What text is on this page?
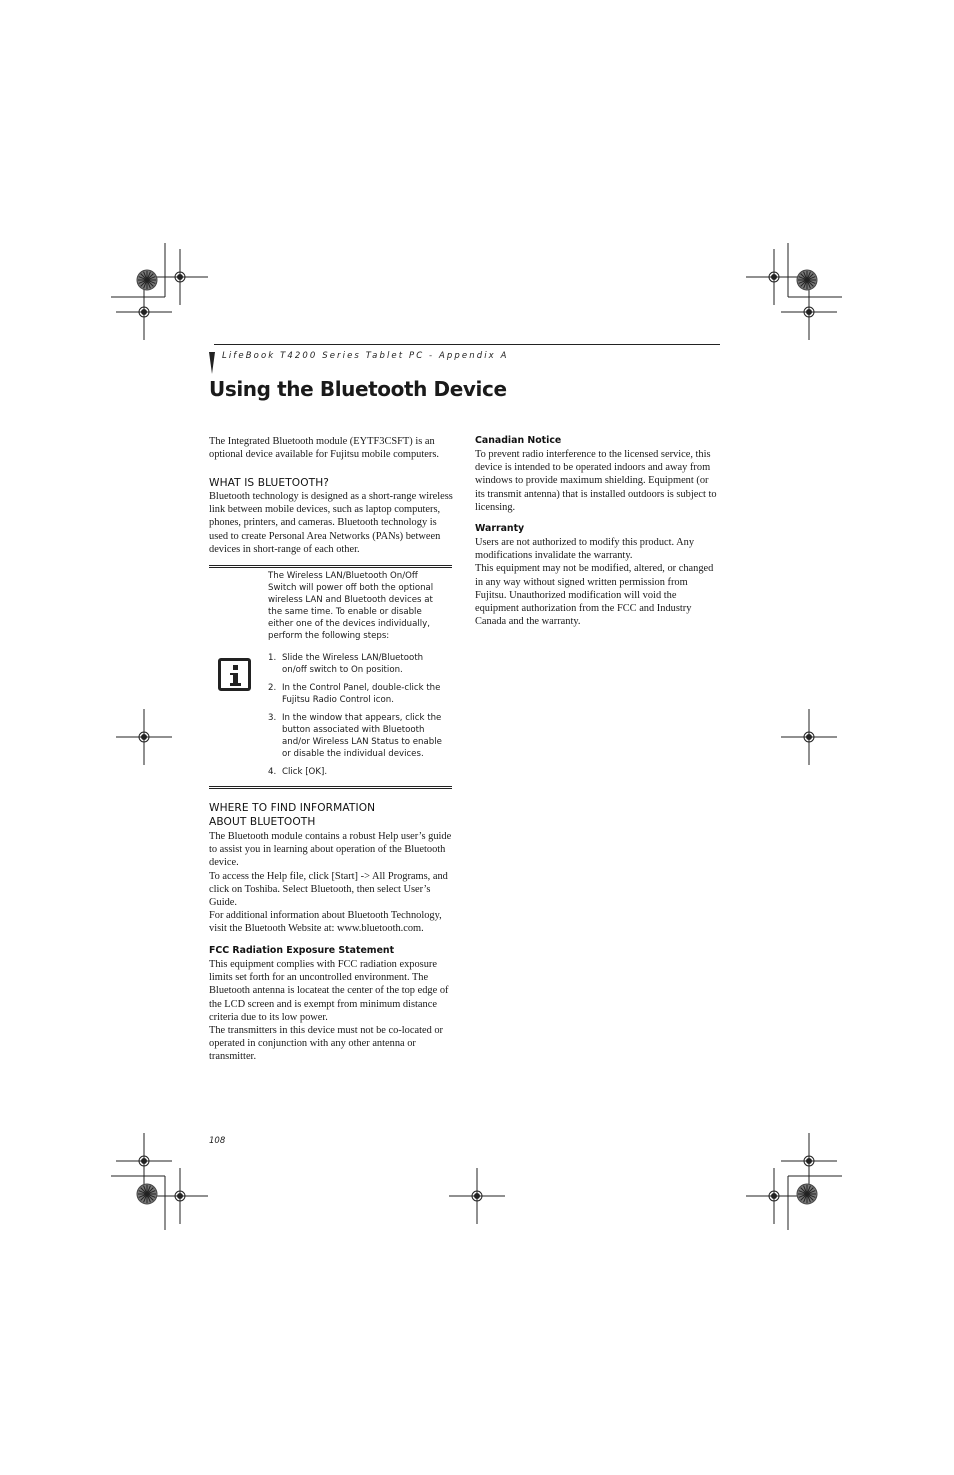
LifeBook T4200 Series Tablet PC - Appendix A
Using the Bluetooth Device

The Integrated Bluetooth module (EYTF3CSFT) is an optional device available for Fujitsu mobile computers.

WHAT IS BLUETOOTH?

Bluetooth technology is designed as a short-range wireless link between mobile devices, such as laptop computers, phones, printers, and cameras. Bluetooth technology is used to create Personal Area Networks (PANs) between devices in short-range of each other.

The Wireless LAN/Bluetooth On/Off Switch will power off both the optional wireless LAN and Bluetooth devices at the same time. To enable or disable either one of the devices individually, perform the following steps:

1. Slide the Wireless LAN/Bluetooth on/off switch to On position.
2. In the Control Panel, double-click the Fujitsu Radio Control icon.
3. In the window that appears, click the button associated with Bluetooth and/or Wireless LAN Status to enable or disable the individual devices.
4. Click [OK].
WHERE TO FIND INFORMATION
ABOUT BLUETOOTH

The Bluetooth module contains a robust Help user’s guide to assist you in learning about operation of the Bluetooth device.

To access the Help file, click [Start] -> All Programs, and click on Toshiba. Select Bluetooth, then select User’s Guide.

For additional information about Bluetooth Technology, visit the Bluetooth Website at: www.bluetooth.com.

FCC Radiation Exposure Statement

This equipment complies with FCC radiation exposure limits set forth for an uncontrolled environment. The Bluetooth antenna is locateat the center of the top edge of the LCD screen and is exempt from minimum distance criteria due to its low power.

The transmitters in this device must not be co-located or operated in conjunction with any other antenna or transmitter.

Canadian Notice

To prevent radio interference to the licensed service, this device is intended to be operated indoors and away from windows to provide maximum shielding. Equipment (or its transmit antenna) that is installed outdoors is subject to licensing.

Warranty

Users are not authorized to modify this product. Any modifications invalidate the warranty.

This equipment may not be modified, altered, or changed in any way without signed written permission from Fujitsu. Unauthorized modification will void the equipment authorization from the FCC and Industry Canada and the warranty.

108
